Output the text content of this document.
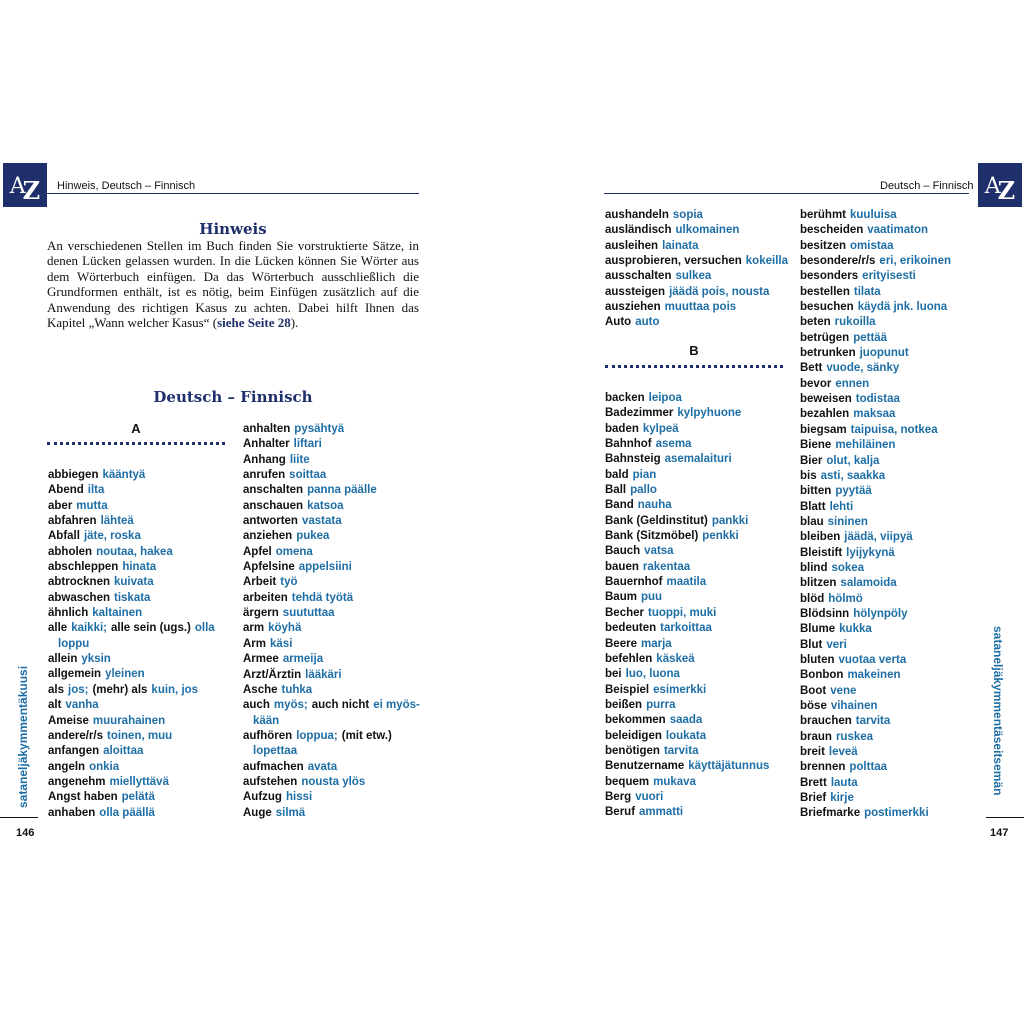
AZ	Hinweis, Deutsch – Finnisch
Hinweis
An verschiedenen Stellen im Buch finden Sie vorstruktierte Sätze, in denen Lücken gelassen wurden. In die Lücken können Sie Wörter aus dem Wörterbuch einfügen. Da das Wörterbuch ausschließlich die Grundformen enthält, ist es nötig, beim Einfügen zusätzlich auf die Anwendung des richtigen Kasus zu achten. Dabei hilft Ihnen das Kapitel „Wann welcher Kasus“ (siehe Seite 28).
Deutsch – Finnisch
A
abbiegen kääntyä
Abend ilta
aber mutta
abfahren lähteä
Abfall jäte, roska
abholen noutaa, hakea
abschleppen hinata
abtrocknen kuivata
abwaschen tiskata
ähnlich kaltainen
alle kaikki; alle sein (ugs.) olla
loppu
allein yksin
allgemein yleinen
als jos; (mehr) als kuin, jos
alt vanha
Ameise muurahainen
andere/r/s toinen, muu
anfangen aloittaa
angeln onkia
angenehm miellyttävä
Angst haben pelätä
anhaben olla päällä
anhalten pysähtyä
Anhalter liftari
Anhang liite
anrufen soittaa
anschalten panna päälle
anschauen katsoa
antworten vastata
anziehen pukea
Apfel omena
Apfelsine appelsiini
Arbeit työ
arbeiten tehdä työtä
ärgern suututtaa
arm köyhä
Arm käsi
Armee armeija
Arzt/Ärztin lääkäri
Asche tuhka
auch myös; auch nicht ei myös-
kään
aufhören loppua; (mit etw.)
lopettaa
aufmachen avata
aufstehen nousta ylös
Aufzug hissi
Auge silmä
sataneljäkymmentäkuusi
146
AZ
Deutsch – Finnisch
aushandeln sopia
ausländisch ulkomainen
ausleihen lainata
ausprobieren, versuchen kokeilla
ausschalten sulkea
aussteigen jäädä pois, nousta
ausziehen muuttaa pois
Auto auto
B
backen leipoa
Badezimmer kylpyhuone
baden kylpeä
Bahnhof asema
Bahnsteig asemalaituri
bald pian
Ball pallo
Band nauha
Bank (Geldinstitut) pankki
Bank (Sitzmöbel) penkki
Bauch vatsa
bauen rakentaa
Bauernhof maatila
Baum puu
Becher tuoppi, muki
bedeuten tarkoittaa
Beere marja
befehlen käskeä
bei luo, luona
Beispiel esimerkki
beißen purra
bekommen saada
beleidigen loukata
benötigen tarvita
Benutzername käyttäjätunnus
bequem mukava
Berg vuori
Beruf ammatti
berühmt kuuluisa
bescheiden vaatimaton
besitzen omistaa
besondere/r/s eri, erikoinen
besonders erityisesti
bestellen tilata
besuchen käydä jnk. luona
beten rukoilla
betrügen pettää
betrunken juopunut
Bett vuode, sänky
bevor ennen
beweisen todistaa
bezahlen maksaa
biegsam taipuisa, notkea
Biene mehiläinen
Bier olut, kalja
bis asti, saakka
bitten pyytää
Blatt lehti
blau sininen
bleiben jäädä, viipyä
Bleistift lyijykynä
blind sokea
blitzen salamoida
blöd hölmö
Blödsinn hölynpöly
Blume kukka
Blut veri
bluten vuotaa verta
Bonbon makeinen
Boot vene
böse vihainen
brauchen tarvita
braun ruskea
breit leveä
brennen polttaa
Brett lauta
Brief kirje
Briefmarke postimerkki
sataneljäkymmentäseitsemän
147
